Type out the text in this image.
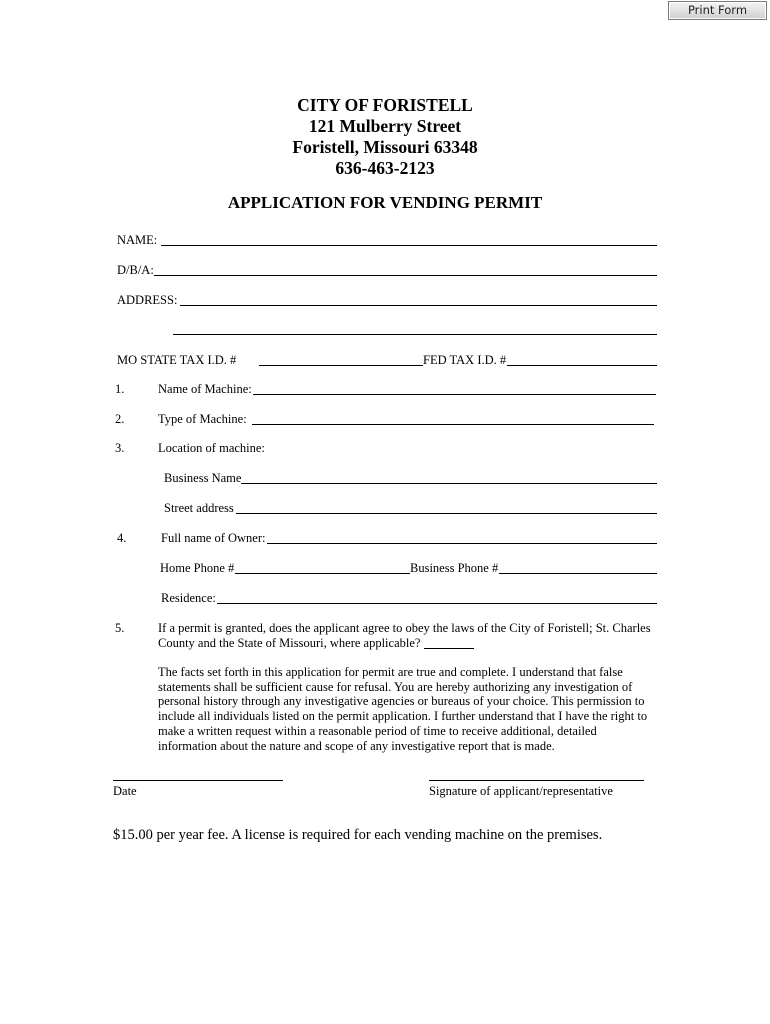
Print Form
CITY OF FORISTELL
121 Mulberry Street
Foristell, Missouri 63348
636-463-2123
APPLICATION FOR VENDING PERMIT
NAME:
D/B/A:
ADDRESS:
MO STATE TAX I.D. #	FED TAX I.D. #
1.	Name of Machine:
2.	Type of Machine:
3.	Location of machine:
Business Name
Street address
4.	Full name of Owner:
Home Phone #	Business Phone #
Residence:
5.	If a permit is granted, does the applicant agree to obey the laws of the City of Foristell; St. Charles
County and the State of Missouri, where applicable?
The facts set forth in this application for permit are true and complete. I understand that false
statements shall be sufficient cause for refusal. You are hereby authorizing any investigation of
personal history through any investigative agencies or bureaus of your choice. This permission to
include all individuals listed on the permit application. I further understand that I have the right to
make a written request within a reasonable period of time to receive additional, detailed
information about the nature and scope of any investigative report that is made.
Date	Signature of applicant/representative
$15.00 per year fee. A license is required for each vending machine on the premises.
